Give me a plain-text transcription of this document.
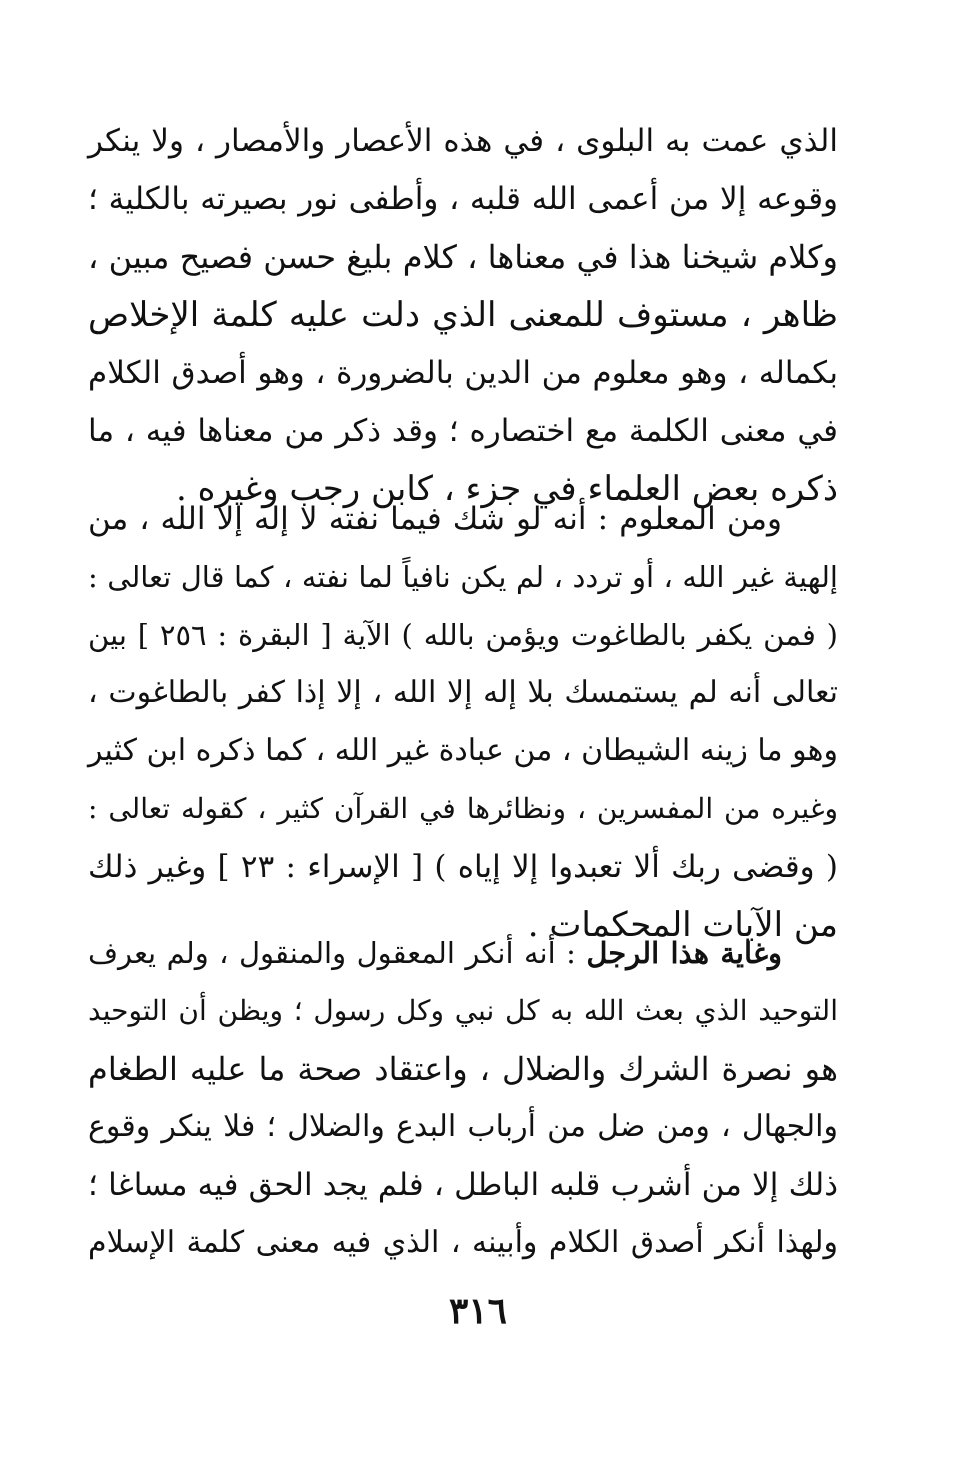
الذي عمت به البلوى ، في هذه الأعصار والأمصار ، ولا ينكر
وقوعه إلا من أعمى الله قلبه ، وأطفى نور بصيرته بالكلية ؛
وكلام شيخنا هذا في معناها ، كلام بليغ حسن فصيح مبين ،
ظاهر ، مستوف للمعنى الذي دلت عليه كلمة الإخلاص
بكماله ، وهو معلوم من الدين بالضرورة ، وهو أصدق الكلام
في معنى الكلمة مع اختصاره ؛ وقد ذكر من معناها فيه ، ما
ذكره بعض العلماء في جزء ، كابن رجب وغيره .
ومن المعلوم : أنه لو شك فيما نفته لا إله إلا الله ، من
إلهية غير الله ، أو تردد ، لم يكن نافياً لما نفته ، كما قال تعالى :
( فمن يكفر بالطاغوت ويؤمن بالله ) الآية [ البقرة : ٢٥٦ ] بين
تعالى أنه لم يستمسك بلا إله إلا الله ، إلا إذا كفر بالطاغوت ،
وهو ما زينه الشيطان ، من عبادة غير الله ، كما ذكره ابن كثير
وغيره من المفسرين ، ونظائرها في القرآن كثير ، كقوله تعالى :
( وقضى ربك ألا تعبدوا إلا إياه ) [ الإسراء : ٢٣ ] وغير ذلك
من الآيات المحكمات .
وغاية هذا الرجل : أنه أنكر المعقول والمنقول ، ولم يعرف
التوحيد الذي بعث الله به كل نبي وكل رسول ؛ ويظن أن التوحيد
هو نصرة الشرك والضلال ، واعتقاد صحة ما عليه الطغام
والجهال ، ومن ضل من أرباب البدع والضلال ؛ فلا ينكر وقوع
ذلك إلا من أشرب قلبه الباطل ، فلم يجد الحق فيه مساغا ؛
ولهذا أنكر أصدق الكلام وأبينه ، الذي فيه معنى كلمة الإسلام
٣١٦
